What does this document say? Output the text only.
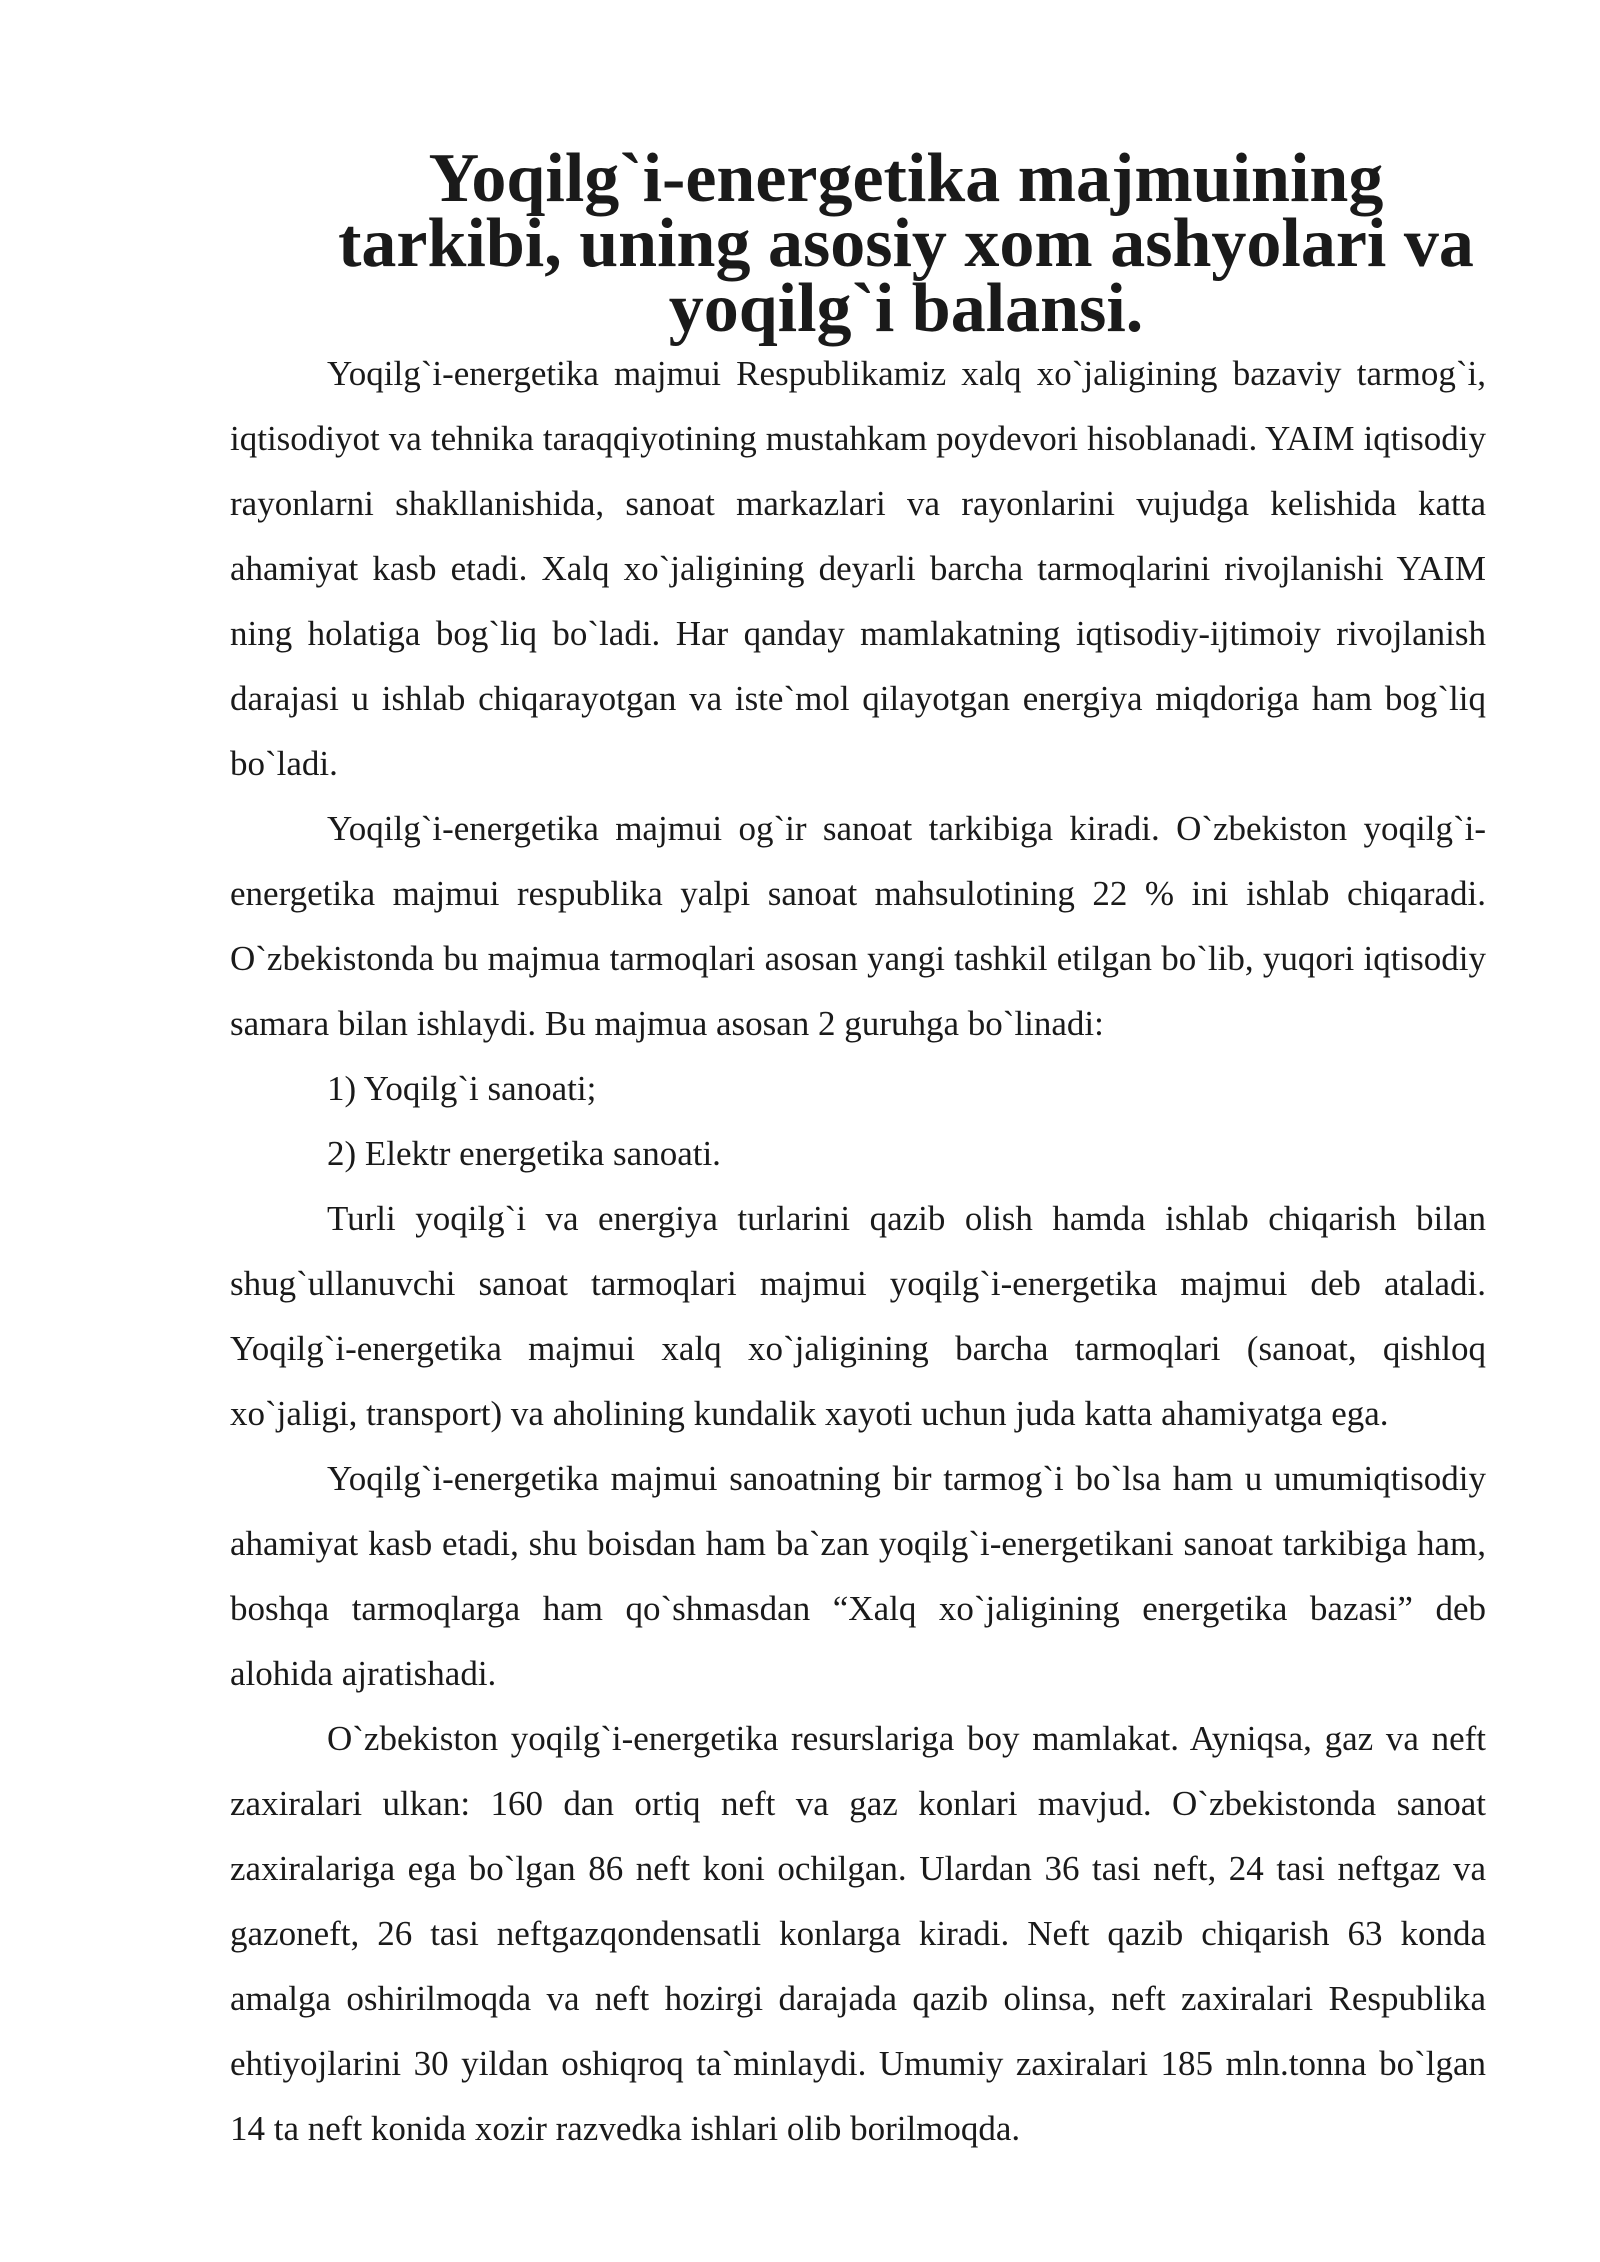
Yoqilg`i-energetika majmuining tarkibi, uning asosiy xom ashyolari va
yoqilg`i balansi.

Yoqilg`i-energetika majmui Respublikamiz xalq xo`jaligining bazaviy tarmog`i, iqtisodiyot va tehnika taraqqiyotining mustahkam poydevori hisoblanadi. YAIM iqtisodiy rayonlarni shakllanishida, sanoat markazlari va rayonlarini vujudga kelishida katta ahamiyat kasb etadi. Xalq xo`jaligining deyarli barcha tarmoqlarini rivojlanishi YAIM ning holatiga bog`liq bo`ladi. Har qanday mamlakatning iqtisodiy-ijtimoiy rivojlanish darajasi u ishlab chiqarayotgan va iste`mol qilayotgan energiya miqdoriga ham bog`liq bo`ladi.

Yoqilg`i-energetika majmui og`ir sanoat tarkibiga kiradi. O`zbekiston yoqilg`i-energetika majmui respublika yalpi sanoat mahsulotining 22 % ini ishlab chiqaradi. O`zbekistonda bu majmua tarmoqlari asosan yangi tashkil etilgan bo`lib, yuqori iqtisodiy samara bilan ishlaydi. Bu majmua asosan 2 guruhga bo`linadi:

1) Yoqilg`i sanoati;

2) Elektr energetika sanoati.

Turli yoqilg`i va energiya turlarini qazib olish hamda ishlab chiqarish bilan shug`ullanuvchi sanoat tarmoqlari majmui yoqilg`i-energetika majmui deb ataladi. Yoqilg`i-energetika majmui xalq xo`jaligining barcha tarmoqlari (sanoat, qishloq xo`jaligi, transport) va aholining kundalik xayoti uchun juda katta ahamiyatga ega.

Yoqilg`i-energetika majmui sanoatning bir tarmog`i bo`lsa ham u umumiqtisodiy ahamiyat kasb etadi, shu boisdan ham ba`zan yoqilg`i-energetikani sanoat tarkibiga ham, boshqa tarmoqlarga ham qo`shmasdan “Xalq xo`jaligining energetika bazasi” deb alohida ajratishadi.

O`zbekiston yoqilg`i-energetika resurslariga boy mamlakat. Ayniqsa, gaz va neft zaxiralari ulkan: 160 dan ortiq neft va gaz konlari mavjud. O`zbekistonda sanoat zaxiralariga ega bo`lgan 86 neft koni ochilgan. Ulardan 36 tasi neft, 24 tasi neftgaz va gazoneft, 26 tasi neftgazqondensatli konlarga kiradi. Neft qazib chiqarish 63 konda amalga oshirilmoqda va neft hozirgi darajada qazib olinsa, neft zaxiralari Respublika ehtiyojlarini 30 yildan oshiqroq ta`minlaydi. Umumiy zaxiralari 185 mln.tonna bo`lgan 14 ta neft konida xozir razvedka ishlari olib borilmoqda.
